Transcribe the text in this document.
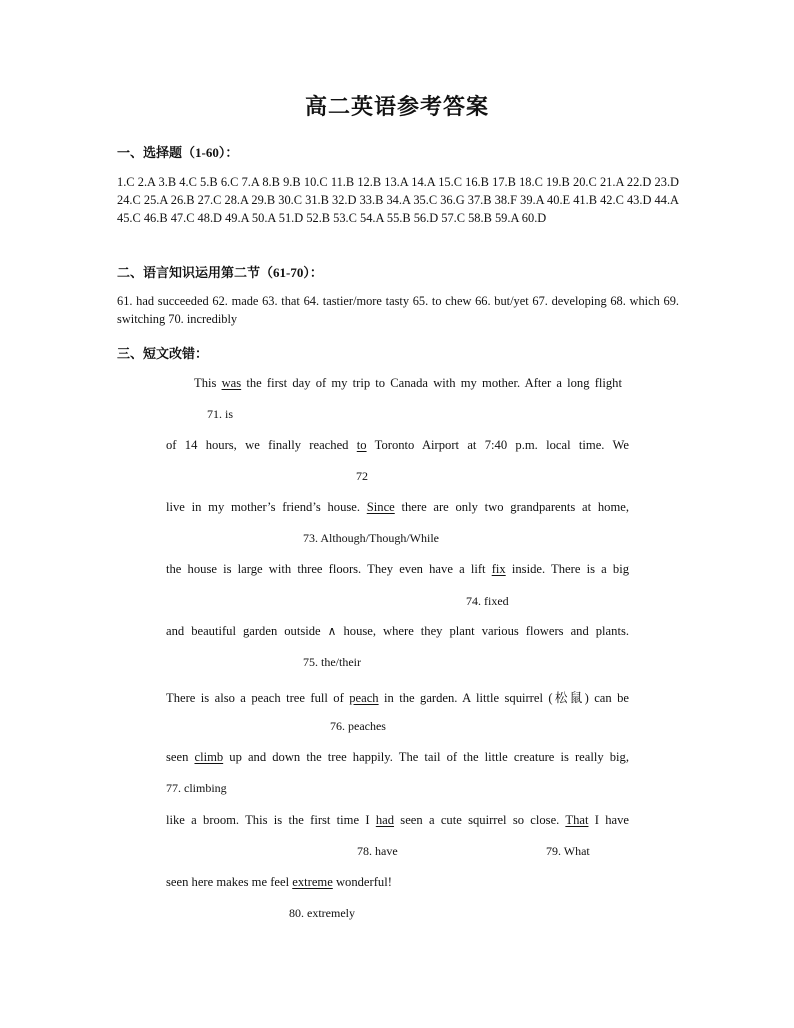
高二英语参考答案
一、选择题（1-60）：
1.C 2.A 3.B 4.C 5.B 6.C 7.A 8.B 9.B 10.C 11.B 12.B 13.A 14.A 15.C 16.B 17.B 18.C 19.B 20.C 21.A 22.D 23.D 24.C 25.A 26.B 27.C 28.A 29.B 30.C 31.B 32.D 33.B 34.A 35.C 36.G 37.B 38.F 39.A 40.E 41.B 42.C 43.D 44.A 45.C 46.B 47.C 48.D 49.A 50.A 51.D 52.B 53.C 54.A 55.B 56.D 57.C 58.B 59.A 60.D
二、语言知识运用第二节（61-70）：
61. had succeeded 62. made 63. that 64. tastier/more tasty 65. to chew 66. but/yet 67. developing 68. which 69. switching 70. incredibly
三、短文改错：
This was the first day of my trip to Canada with my mother. After a long flight
71. is
of 14 hours, we finally reached to Toronto Airport at 7:40 p.m. local time. We
72
live in my mother’s friend’s house. Since there are only two grandparents at home,
73. Although/Though/While
the house is large with three floors. They even have a lift fix inside. There is a big
74. fixed
and beautiful garden outside ∧ house, where they plant various flowers and plants.
75. the/their
There is also a peach tree full of peach in the garden. A little squirrel (松鼠) can be
76. peaches
seen climb up and down the tree happily. The tail of the little creature is really big,
77. climbing
like a broom. This is the first time I had seen a cute squirrel so close. That I have
78. have	79. What
seen here makes me feel extreme wonderful!
80. extremely
